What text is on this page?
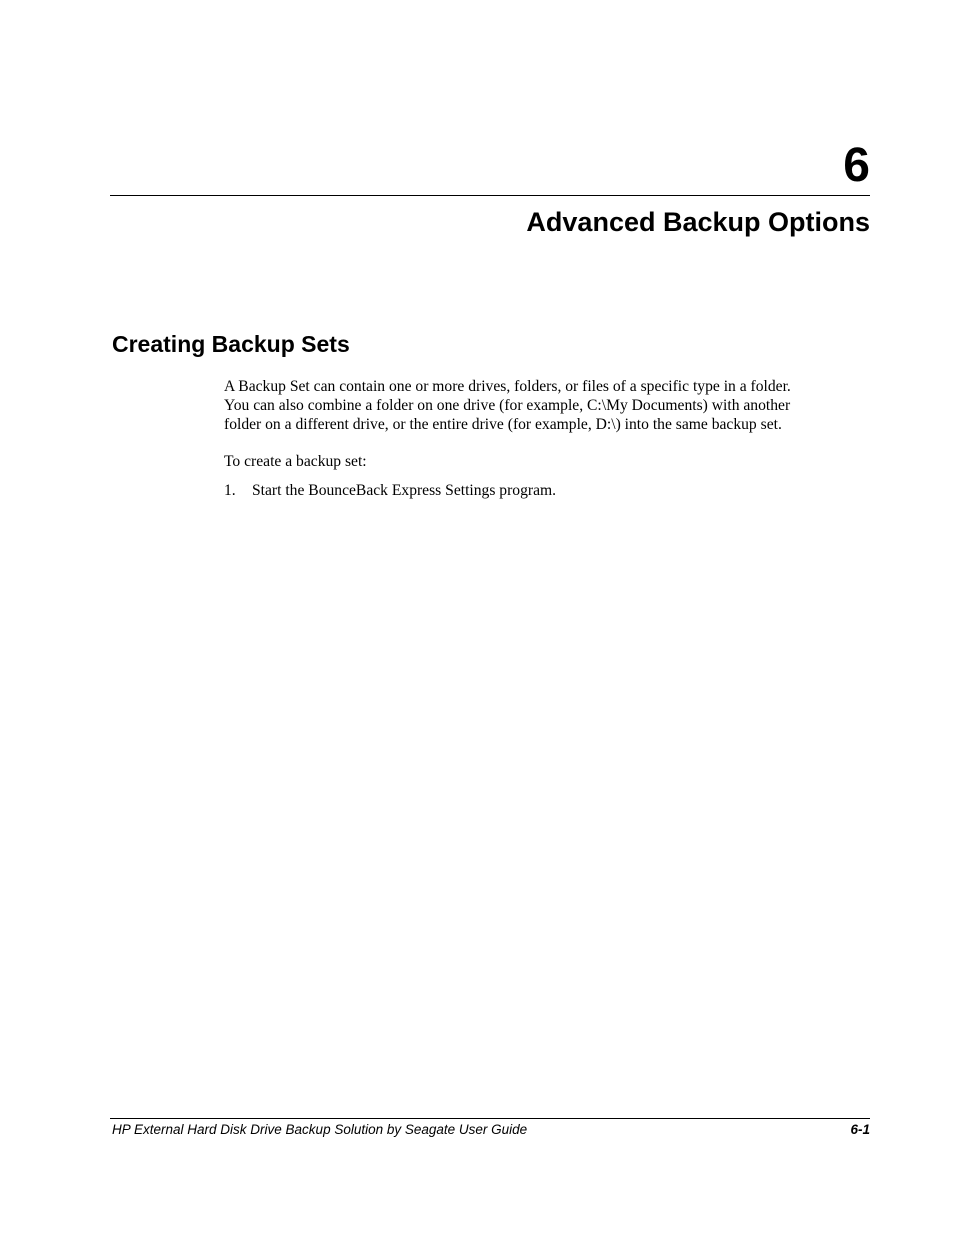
6
Advanced Backup Options
Creating Backup Sets

A Backup Set can contain one or more drives, folders, or files of a specific type in a folder.
You can also combine a folder on one drive (for example, C:\My Documents) with another
folder on a different drive, or the entire drive (for example, D:\) into the same backup set.

To create a backup set:

1.	Start the BounceBack Express Settings program.
HP External Hard Disk Drive Backup Solution by Seagate User Guide	6-1
